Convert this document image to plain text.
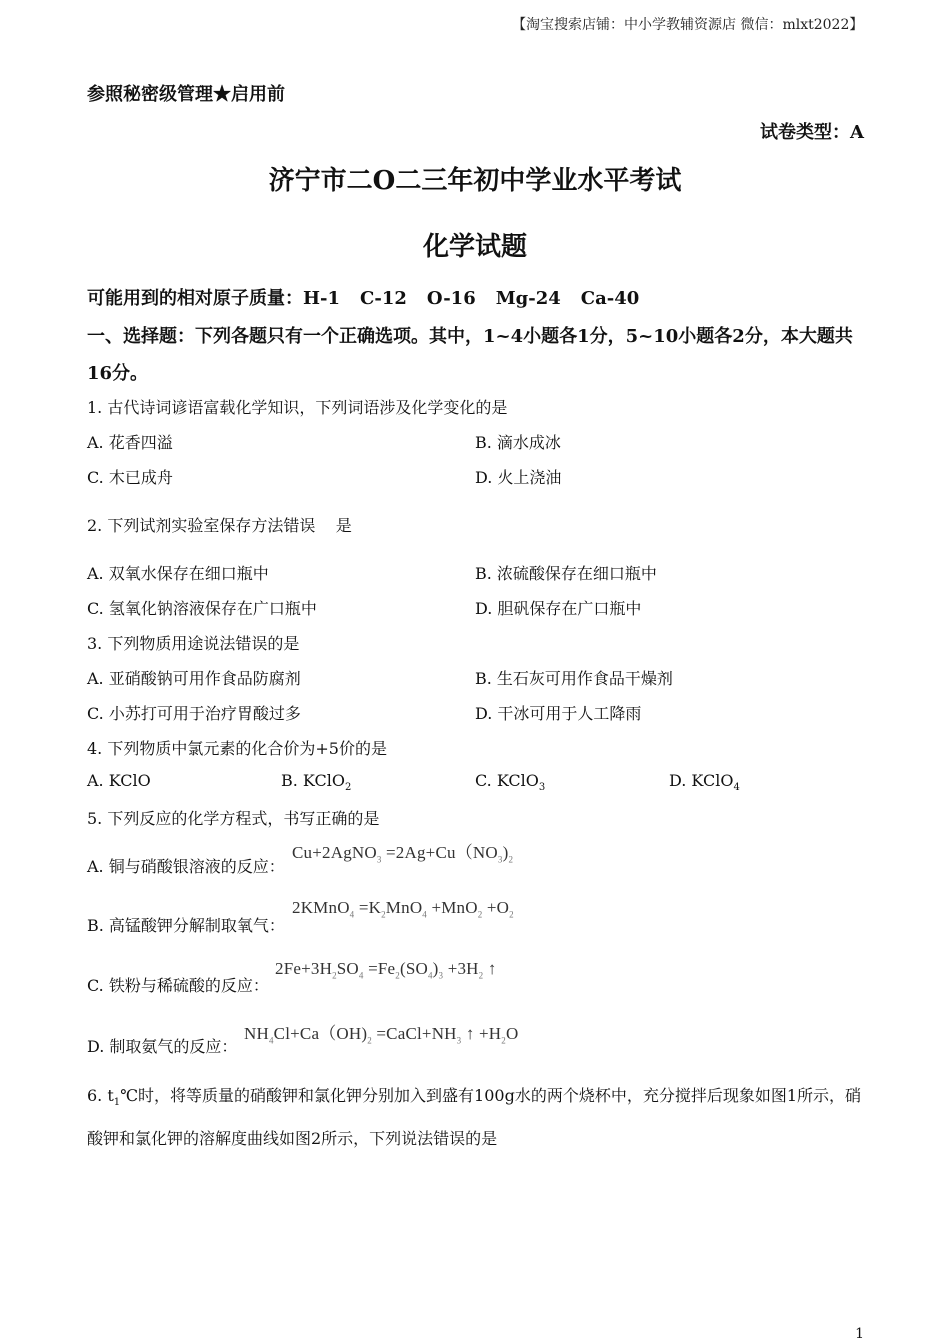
【淘宝搜索店铺：中小学教辅资源店 微信：mlxt2022】
参照秘密级管理★启用前
试卷类型：A
济宁市二O二三年初中学业水平考试
化学试题
可能用到的相对原子质量：H-1 C-12 O-16 Mg-24 Ca-40
一、选择题：下列各题只有一个正确选项。其中，1~4小题各1分，5~10小题各2分，本大题共16分。
1. 古代诗词谚语富载化学知识，下列词语涉及化学变化的是
A. 花香四溢	B. 滴水成冰
C. 木已成舟	D. 火上浇油
2. 下列试剂实验室保存方法错误    是
A. 双氧水保存在细口瓶中	B. 浓硫酸保存在细口瓶中
C. 氢氧化钠溶液保存在广口瓶中	D. 胆矾保存在广口瓶中
3. 下列物质用途说法错误的是
A. 亚硝酸钠可用作食品防腐剂	B. 生石灰可用作食品干燥剂
C. 小苏打可用于治疗胃酸过多	D. 干冰可用于人工降雨
4. 下列物质中氯元素的化合价为+5价的是
A. KClO	B. KClO$_2$	C. KClO$_3$	D. KClO$_4$
5. 下列反应的化学方程式，书写正确的是
A. 铜与硝酸银溶液的反应：
Cu+2AgNO$_3$ $=2Ag+Cu(NO_3)_2$
B. 高锰酸钾分解制取氧气：
2KMnO$_4$ $=K_2MnO_4 +MnO_2 +O_2$
C. 铁粉与稀硫酸的反应：
$2Fe+3H_2SO_4 =Fe_2(SO_4)_3 +3H_2$ ↑
D. 制取氨气的反应：
$NH_4Cl+Ca(OH)_2$ $=CaCl+NH_3$ ↑ $+H_2O$
6. $t_1℃$时，将等质量的硝酸钾和氯化钾分别加入到盛有100g水的两个烧杯中，充分搅拌后现象如图1所示，硝酸钾和氯化钾的溶解度曲线如图2所示，下列说法错误的是
1
